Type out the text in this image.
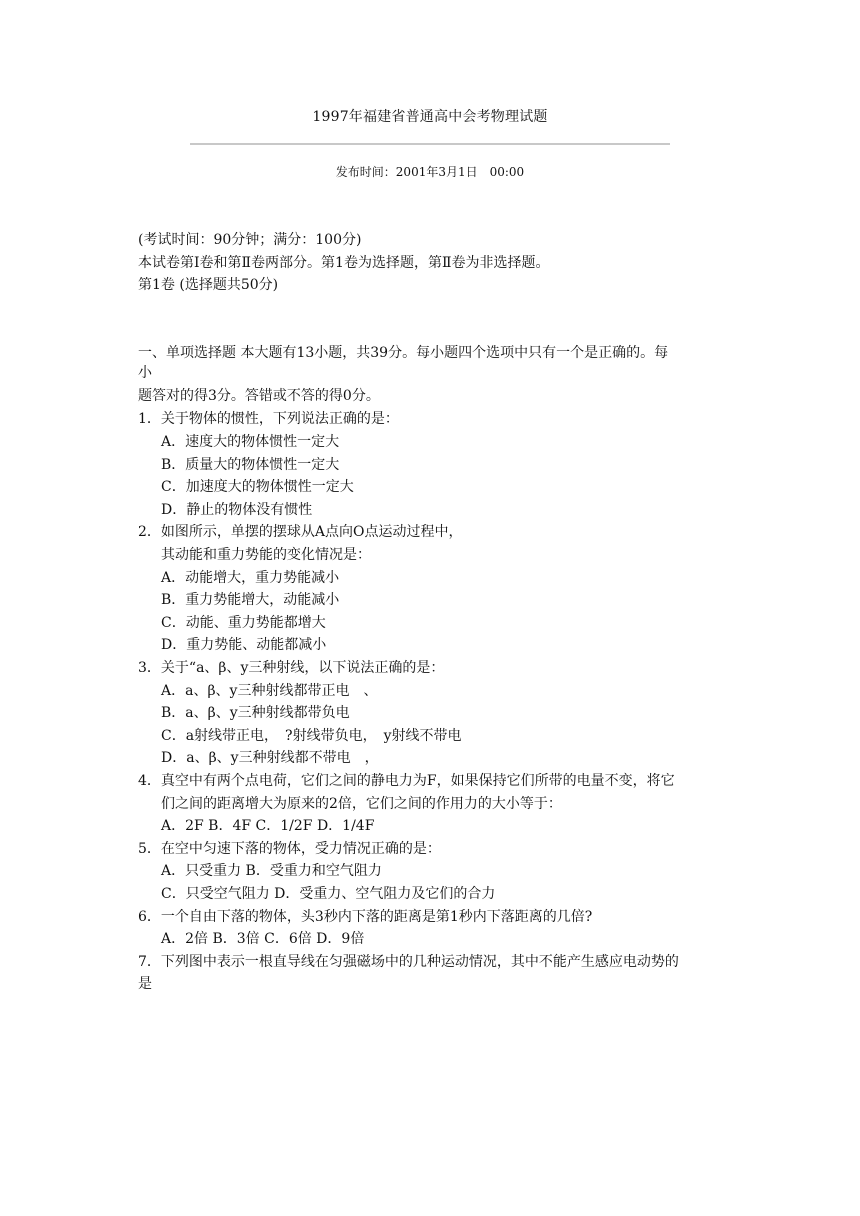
1997年福建省普通高中会考物理试题
发布时间：2001年3月1日　00:00
(考试时间：90分钟；满分：100分)
本试卷第Ⅰ卷和第Ⅱ卷两部分。第1卷为选择题，第Ⅱ卷为非选择题。
第1卷 (选择题共50分)
一、单项选择题 本大题有13小题，共39分。每小题四个选项中只有一个是正确的。每
小
题答对的得3分。答错或不答的得0分。
1．关于物体的惯性，下列说法正确的是：
A．速度大的物体惯性一定大
B．质量大的物体惯性一定大
C．加速度大的物体惯性一定大
D．静止的物体没有惯性
2．如图所示，单摆的摆球从A点向O点运动过程中，
其动能和重力势能的变化情况是：
A．动能增大，重力势能减小
B．重力势能增大，动能减小
C．动能、重力势能都增大
D．重力势能、动能都减小
3．关于“a、β、y三种射线，以下说法正确的是：
A．a、β、y三种射线都带正电　、
B．a、β、y三种射线都带负电
C．a射线带正电，　?射线带负电，　y射线不带电
D．a、β、y三种射线都不带电　，
4．真空中有两个点电荷，它们之间的静电力为F，如果保持它们所带的电量不变，将它
们之间的距离增大为原来的2倍，它们之间的作用力的大小等于：
A．2F B．4F C．1/2F D．1/4F
5．在空中匀速下落的物体，受力情况正确的是：
A．只受重力 B．受重力和空气阻力
C．只受空气阻力 D．受重力、空气阻力及它们的合力
6．一个自由下落的物体，头3秒内下落的距离是第1秒内下落距离的几倍?
A．2倍 B．3倍 C．6倍 D．9倍
7．下列图中表示一根直导线在匀强磁场中的几种运动情况，其中不能产生感应电动势的
是
